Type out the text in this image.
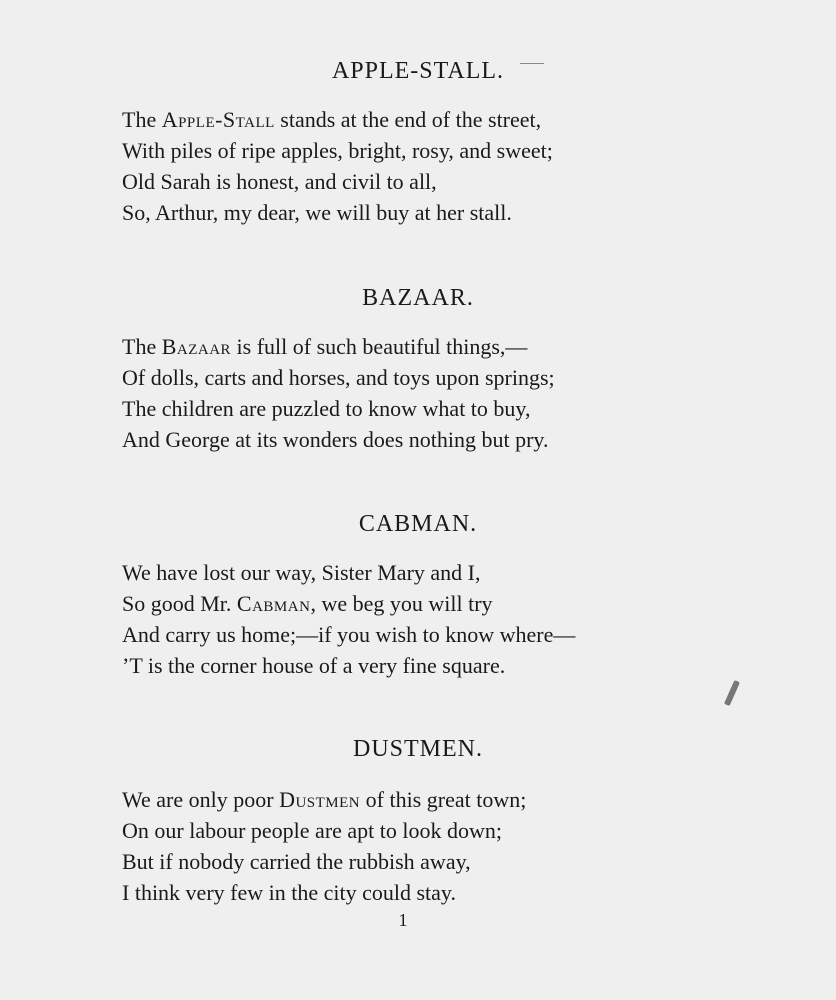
APPLE-STALL.
The Apple-Stall stands at the end of the street,
With piles of ripe apples, bright, rosy, and sweet;
Old Sarah is honest, and civil to all,
So, Arthur, my dear, we will buy at her stall.
BAZAAR.
The Bazaar is full of such beautiful things,—
Of dolls, carts and horses, and toys upon springs;
The children are puzzled to know what to buy,
And George at its wonders does nothing but pry.
CABMAN.
We have lost our way, Sister Mary and I,
So good Mr. Cabman, we beg you will try
And carry us home;—if you wish to know where—
’T is the corner house of a very fine square.
DUSTMEN.
We are only poor Dustmen of this great town;
On our labour people are apt to look down;
But if nobody carried the rubbish away,
I think very few in the city could stay.
1
